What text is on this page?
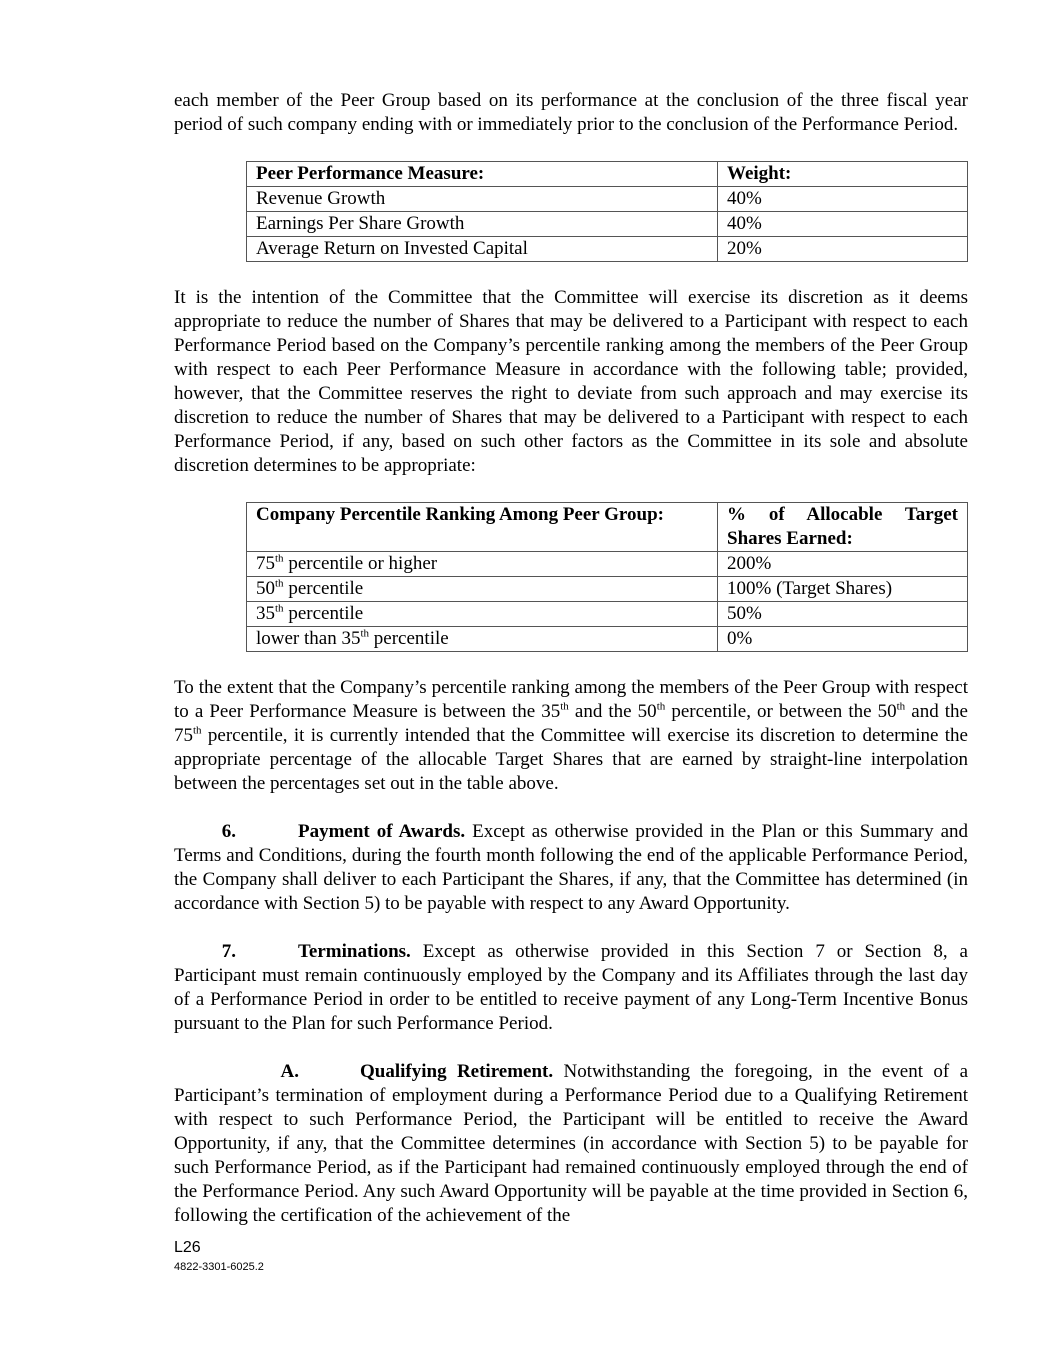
each member of the Peer Group based on its performance at the conclusion of the three fiscal year period of such company ending with or immediately prior to the conclusion of the Performance Period.

Peer Performance Measure:	Weight:
Revenue Growth	40%
Earnings Per Share Growth	40%
Average Return on Invested Capital	20%

It is the intention of the Committee that the Committee will exercise its discretion as it deems appropriate to reduce the number of Shares that may be delivered to a Participant with respect to each Performance Period based on the Company’s percentile ranking among the members of the Peer Group with respect to each Peer Performance Measure in accordance with the following table; provided, however, that the Committee reserves the right to deviate from such approach and may exercise its discretion to reduce the number of Shares that may be delivered to a Participant with respect to each Performance Period, if any, based on such other factors as the Committee in its sole and absolute discretion determines to be appropriate:

Company Percentile Ranking Among Peer Group:	% of Allocable Target
Shares Earned:

75th percentile or higher	200%
50th percentile	100% (Target Shares)
35th percentile	50%
lower than 35th percentile	0%

To the extent that the Company’s percentile ranking among the members of the Peer Group with respect to a Peer Performance Measure is between the 35th and the 50th percentile, or between the 50th and the 75th percentile, it is currently intended that the Committee will exercise its discretion to determine the appropriate percentage of the allocable Target Shares that are earned by straight-line interpolation between the percentages set out in the table above.

6.	Payment of Awards. Except as otherwise provided in the Plan or this Summary and Terms and Conditions, during the fourth month following the end of the applicable Performance Period, the Company shall deliver to each Participant the Shares, if any, that the Committee has determined (in accordance with Section 5) to be payable with respect to any Award Opportunity.

7.	Terminations. Except as otherwise provided in this Section 7 or Section 8, a Participant must remain continuously employed by the Company and its Affiliates through the last day of a Performance Period in order to be entitled to receive payment of any Long-Term Incentive Bonus pursuant to the Plan for such Performance Period.

A.	Qualifying Retirement. Notwithstanding the foregoing, in the event of a Participant’s termination of employment during a Performance Period due to a Qualifying Retirement with respect to such Performance Period, the Participant will be entitled to receive the Award Opportunity, if any, that the Committee determines (in accordance with Section 5) to be payable for such Performance Period, as if the Participant had remained continuously employed through the end of the Performance Period. Any such Award Opportunity will be payable at the time provided in Section 6, following the certification of the achievement of the

L26
4822-3301-6025.2
